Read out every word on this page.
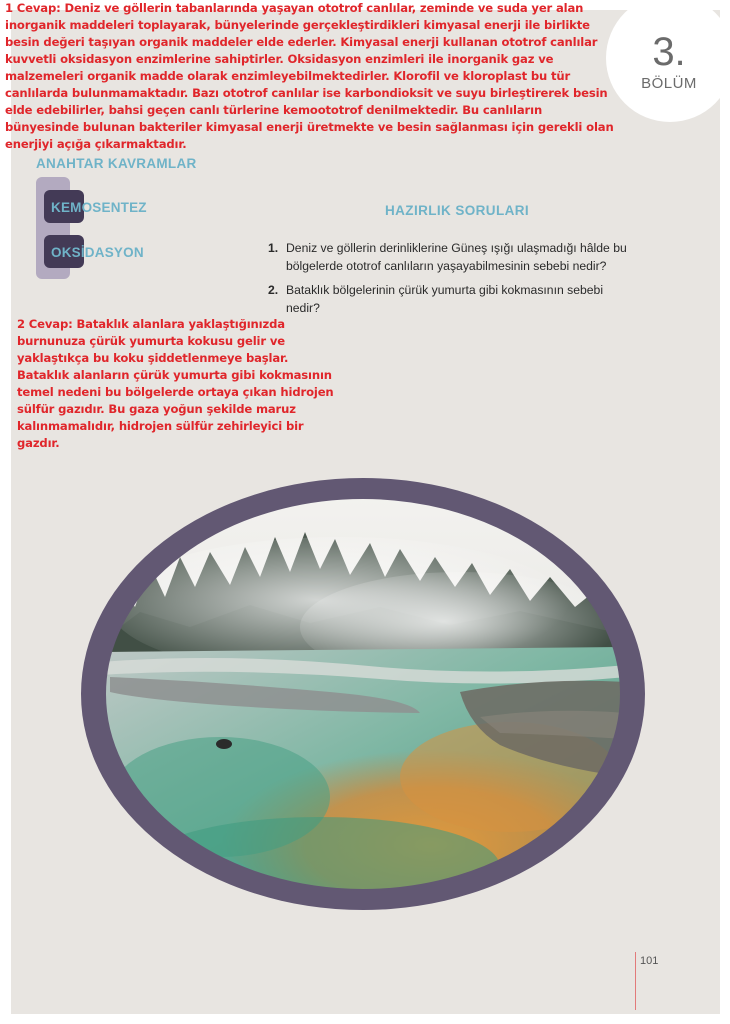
1 Cevap: Deniz ve göllerin tabanlarında yaşayan ototrof canlılar, zeminde ve suda yer alan inorganik maddeleri toplayarak, bünyelerinde gerçekleştirdikleri kimyasal enerji ile birlikte besin değeri taşıyan organik maddeler elde ederler. Kimyasal enerji kullanan ototrof canlılar kuvvetli oksidasyon enzimlerine sahiptirler. Oksidasyon enzimleri ile inorganik gaz ve malzemeleri organik madde olarak enzimleyebilmektedirler. Klorofil ve kloroplast bu tür canlılarda bulunmamaktadır. Bazı ototrof canlılar ise karbondioksit ve suyu birleştirerek besin elde edebilirler, bahsi geçen canlı türlerine kemoototrof denilmektedir. Bu canlıların bünyesinde bulunan bakteriler kimyasal enerji üretmekte ve besin sağlanması için gerekli olan enerjiyi açığa çıkarmaktadır.

3.
BÖLÜM
ANAHTAR KAVRAMLAR
KEMOSENTEZ
OKSİDASYON
HAZIRLIK SORULARI
1. Deniz ve göllerin derinliklerine Güneş ışığı ulaşmadığı hâlde bu bölgelerde ototrof canlıların yaşayabilmesinin sebebi nedir?
2. Bataklık bölgelerinin çürük yumurta gibi kokmasının sebebi nedir?

2 Cevap: Bataklık alanlara yaklaştığınızda burnunuza çürük yumurta kokusu gelir ve yaklaştıkça bu koku şiddetlenmeye başlar. Bataklık alanların çürük yumurta gibi kokmasının temel nedeni bu bölgelerde ortaya çıkan hidrojen sülfür gazıdır. Bu gaza yoğun şekilde maruz kalınmamalıdır, hidrojen sülfür zehirleyici bir gazdır.

101
